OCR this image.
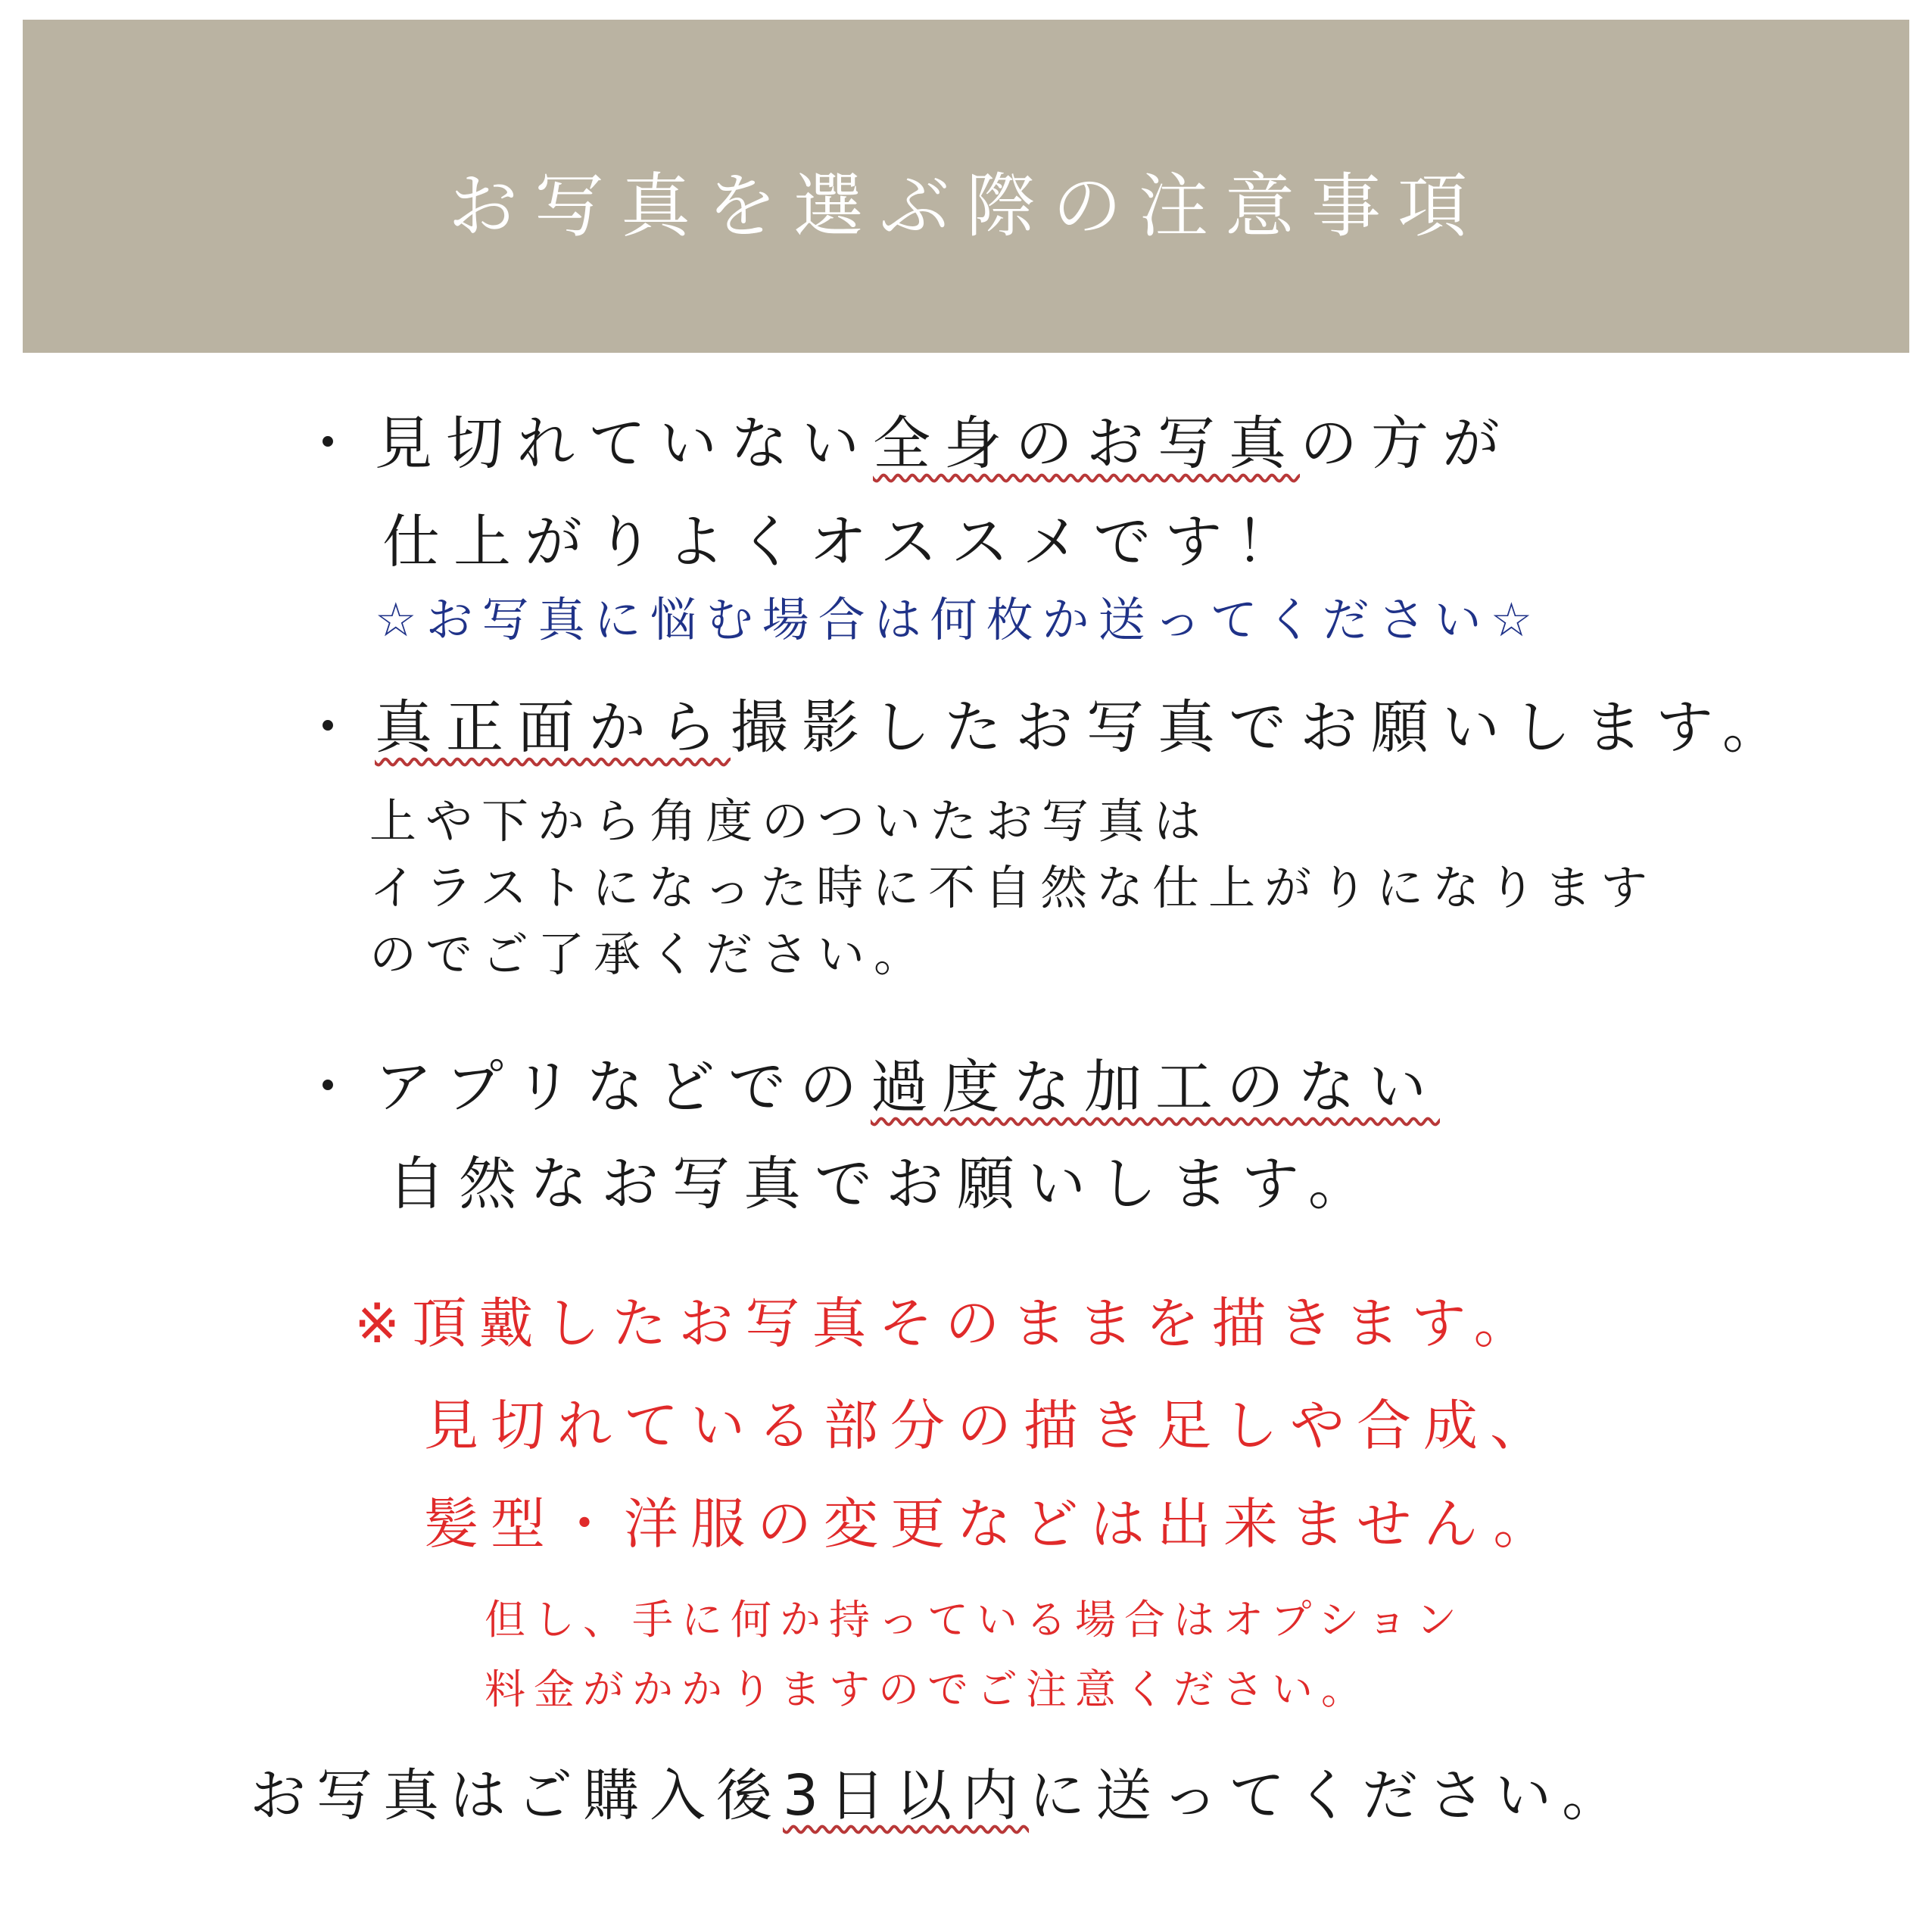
お写真を選ぶ際の注意事項
・見切れていない全身のお写真の方が
仕上がりよくオススメです！
☆お写真に悩む場合は何枚か送ってください☆
・真正面から撮影したお写真でお願いします。
上や下から角度のついたお写真は
イラストになった時に不自然な仕上がりになります
のでご了承ください。
・アプリなどでの過度な加工のない
自然なお写真でお願いします。
※頂戴したお写真そのままを描きます。
見切れている部分の描き足しや合成、
髪型・洋服の変更などは出来ません。
但し、手に何か持っている場合はオプション
料金がかかりますのでご注意ください。
お写真はご購入後3日以内に送ってください。
